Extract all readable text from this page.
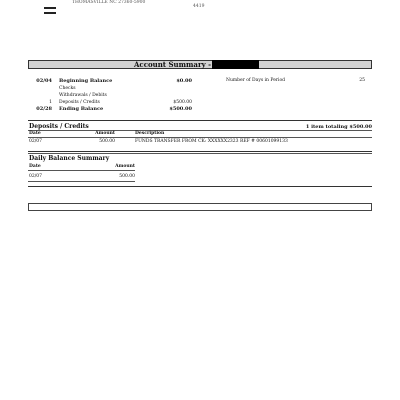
THOMASVILLE NC 27360-5900
4419
Account Summary -
02/04 Beginning Balance	$0.00
Checks
Withdrawals / Debits
1 Deposits / Credits	$500.00
02/28 Ending Balance	$500.00
Number of Days in Period	25
Deposits / Credits	1 item totaling $500.00
Date	Amount	Description
02/07	500.00	FUNDS TRANSFER FROM CK: XXXXXX2323 REF # 00601099133
Daily Balance Summary
Date	Amount
02/07	500.00
